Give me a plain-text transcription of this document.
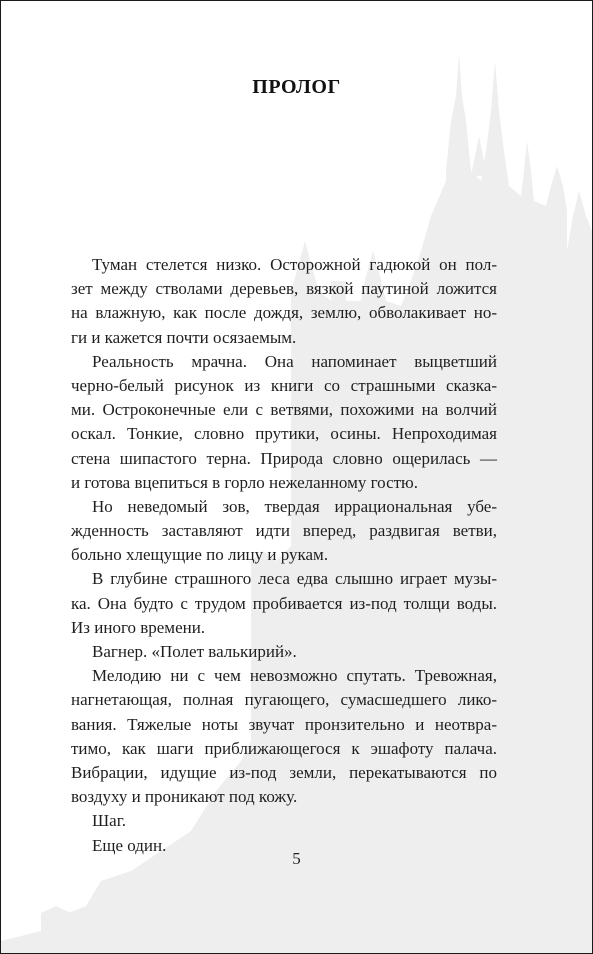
ПРОЛОГ
Туман стелется низко. Осторожной гадюкой он пол-
зет между стволами деревьев, вязкой паутиной ложится
на влажную, как после дождя, землю, обволакивает но-
ги и кажется почти осязаемым.
Реальность мрачна. Она напоминает выцветший
черно-белый рисунок из книги со страшными сказка-
ми. Остроконечные ели с ветвями, похожими на волчий
оскал. Тонкие, словно прутики, осины. Непроходимая
стена шипастого терна. Природа словно ощерилась —
и готова вцепиться в горло нежеланному гостю.
Но неведомый зов, твердая иррациональная убе-
жденность заставляют идти вперед, раздвигая ветви,
больно хлещущие по лицу и рукам.
В глубине страшного леса едва слышно играет музы-
ка. Она будто с трудом пробивается из-под толщи воды.
Из иного времени.
Вагнер. «Полет валькирий».
Мелодию ни с чем невозможно спутать. Тревожная,
нагнетающая, полная пугающего, сумасшедшего лико-
вания. Тяжелые ноты звучат пронзительно и неотвра-
тимо, как шаги приближающегося к эшафоту палача.
Вибрации, идущие из-под земли, перекатываются по
воздуху и проникают под кожу.
Шаг.
Еще один.
5
